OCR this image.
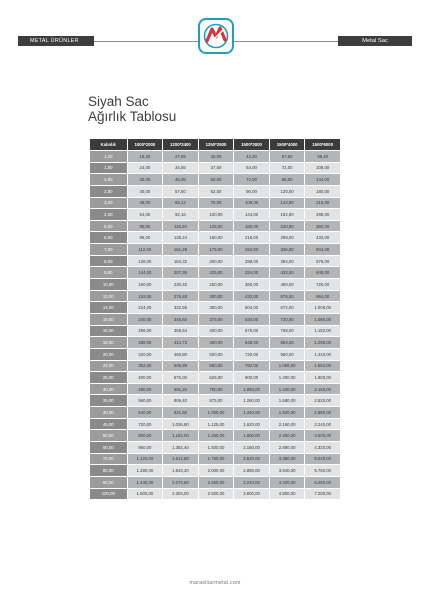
METAL ÜRÜNLER	Metal Sac
Siyah Sac
Ağırlık Tablosu
Kalınlık	1000*2000	1200*2400	1250*2500	1500*3000	1500*4000	1500*6000
1,20	19,20	27,65	30,00	43,20	57,60	86,40
1,50	24,00	34,56	37,50	54,00	72,00	108,00
2,00	32,00	46,08	50,00	72,00	96,00	144,00
2,50	40,00	57,60	62,50	90,00	120,00	180,00
3,00	48,00	69,12	75,00	108,00	144,00	216,00
4,00	64,00	92,16	100,00	144,00	192,00	288,00
5,00	80,00	115,20	125,00	180,00	240,00	360,00
6,00	96,00	138,24	150,00	216,00	288,00	432,00
7,00	112,00	161,28	175,00	252,00	336,00	504,00
8,00	128,00	184,32	200,00	288,00	384,00	576,00
9,00	144,00	207,36	225,00	324,00	432,00	648,00
10,00	160,00	230,40	250,00	360,00	480,00	720,00
12,00	192,00	276,48	300,00	432,00	576,00	864,00
14,00	224,00	322,56	350,00	504,00	672,00	1.008,00
15,00	240,00	345,60	375,00	540,00	720,00	1.080,00
16,00	256,00	368,64	400,00	576,00	768,00	1.152,00
18,00	288,00	414,72	450,00	648,00	864,00	1.296,00
20,00	320,00	460,80	500,00	720,00	960,00	1.440,00
22,00	352,00	506,88	550,00	792,00	1.056,00	1.584,00
25,00	400,00	576,00	625,00	900,00	1.200,00	1.800,00
30,00	480,00	691,20	750,00	1.080,00	1.440,00	2.160,00
35,00	560,00	806,40	875,00	1.260,00	1.680,00	2.520,00
40,00	640,00	921,60	1.000,00	1.440,00	1.920,00	2.880,00
45,00	720,00	1.036,80	1.125,00	1.620,00	2.160,00	3.240,00
50,00	800,00	1.152,00	1.250,00	1.800,00	2.400,00	3.600,00
60,00	960,00	1.382,40	1.500,00	2.160,00	2.880,00	4.320,00
70,00	1.120,00	1.612,80	1.750,00	2.520,00	3.360,00	5.040,00
80,00	1.280,00	1.843,20	2.000,00	2.880,00	3.840,00	5.760,00
90,00	1.440,00	2.073,60	2.250,00	3.240,00	4.320,00	6.480,00
100,00	1.600,00	2.304,00	2.500,00	3.600,00	4.800,00	7.200,00
marasliiarmetal.com
